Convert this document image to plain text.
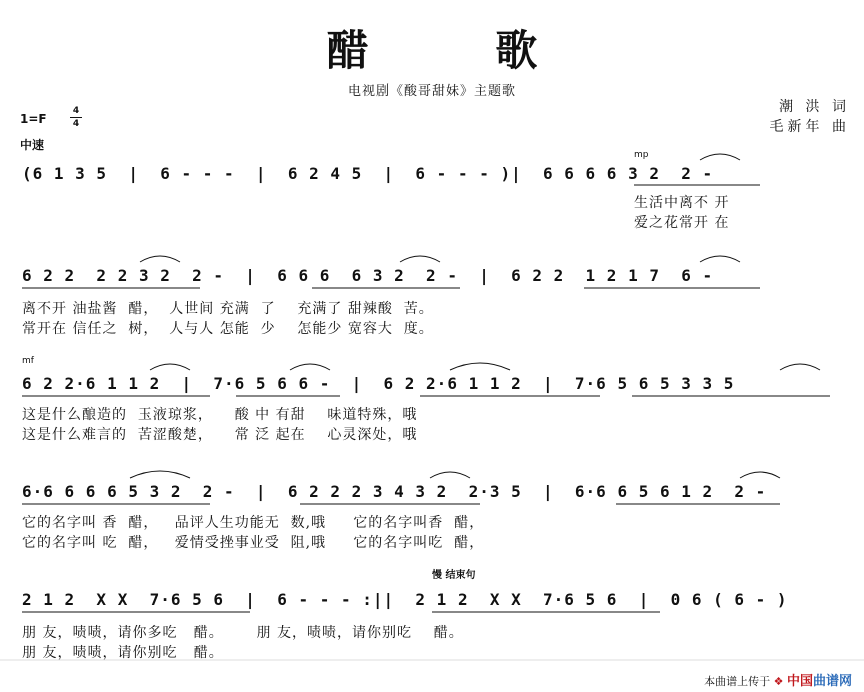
醋 歌
电视剧《酸哥甜妹》主题歌
潮 洪 词
毛新年 曲
1=F
4
4
中速
mp
(6 1 3 5  |  6 - - -  |  6 2 4 5  |  6 - - - )|  6 6 6 6 3 2  2 -
生活中离不 开
爱之花常开 在
6 2 2  2 2 3 2  2 -  |  6 6 6  6 3 2  2 -  |  6 2 2  1 2 1 7  6 -
离不开 油盐酱  醋，  人世间 充满  了    充满了 甜辣酸  苦。
常开在 信任之  树，  人与人 怎能  少    怎能少 宽容大  度。
mf
6 2 2·6 1 1 2  |  7·6 5 6 6 -  |  6 2 2·6 1 1 2  |  7·6 5 6 5 3 3 5
这是什么酿造的  玉液琼浆，    酸 中 有甜    味道特殊，哦
这是什么难言的  苦涩酸楚，    常 泛 起在    心灵深处，哦
6·6 6 6 6 5 3 2  2 -  |  6 2 2 2 3 4 3 2  2·3 5  |  6·6 6 5 6 1 2  2 -
它的名字叫 香  醋，   品评人生功能无  数,哦     它的名字叫香  醋，
它的名字叫 吃  醋，   爱情受挫事业受  阻,哦     它的名字叫吃  醋，
慢 结束句
2 1 2  X X  7·6 5 6  |  6 - - - :||  2 1 2  X X  7·6 5 6  |  0 6 ( 6 - )
朋 友，啧啧，请你多吃   醋。      朋 友，啧啧，请你别吃    醋。
朋 友，啧啧，请你别吃   醋。
本曲谱上传于 ❖ 中国曲谱网
